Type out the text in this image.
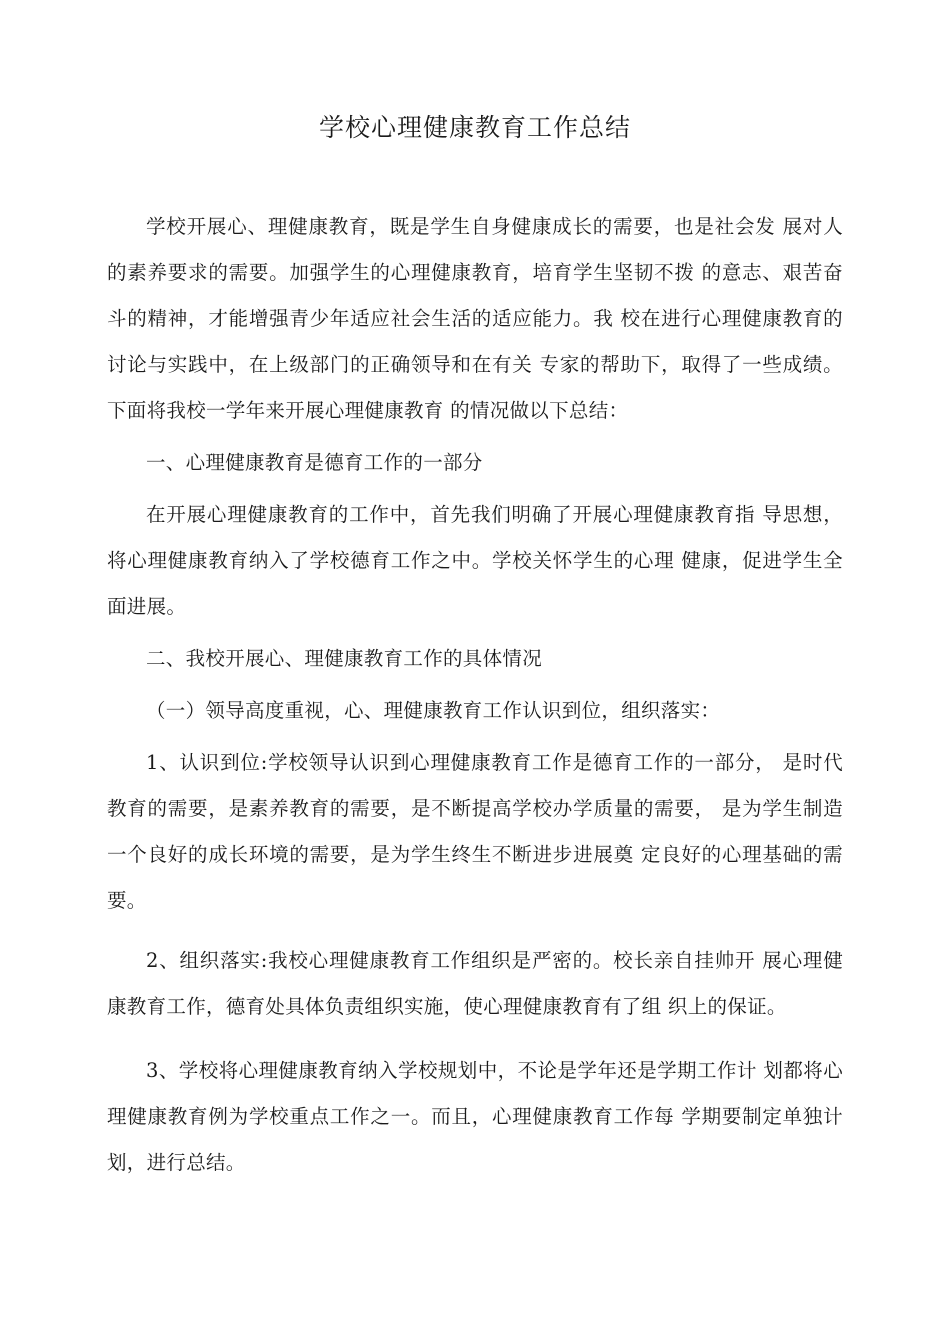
学校心理健康教育工作总结

学校开展心、理健康教育，既是学生自身健康成长的需要，也是社会发 展对人的素养要求的需要。加强学生的心理健康教育，培育学生坚韧不拨 的意志、艰苦奋斗的精神，才能增强青少年适应社会生活的适应能力。我 校在进行心理健康教育的讨论与实践中，在上级部门的正确领导和在有关 专家的帮助下，取得了一些成绩。下面将我校一学年来开展心理健康教育 的情况做以下总结：

一、心理健康教育是德育工作的一部分

在开展心理健康教育的工作中，首先我们明确了开展心理健康教育指 导思想，将心理健康教育纳入了学校德育工作之中。学校关怀学生的心理 健康，促进学生全面进展。

二、我校开展心、理健康教育工作的具体情况

（一）领导高度重视，心、理健康教育工作认识到位，组织落实：

1、认识到位:学校领导认识到心理健康教育工作是德育工作的一部分， 是时代教育的需要，是素养教育的需要，是不断提高学校办学质量的需要， 是为学生制造一个良好的成长环境的需要，是为学生终生不断进步进展奠 定良好的心理基础的需要。

2、组织落实:我校心理健康教育工作组织是严密的。校长亲自挂帅开 展心理健康教育工作，德育处具体负责组织实施，使心理健康教育有了组 织上的保证。

3、学校将心理健康教育纳入学校规划中，不论是学年还是学期工作计 划都将心理健康教育例为学校重点工作之一。而且，心理健康教育工作每 学期要制定单独计划，进行总结。
